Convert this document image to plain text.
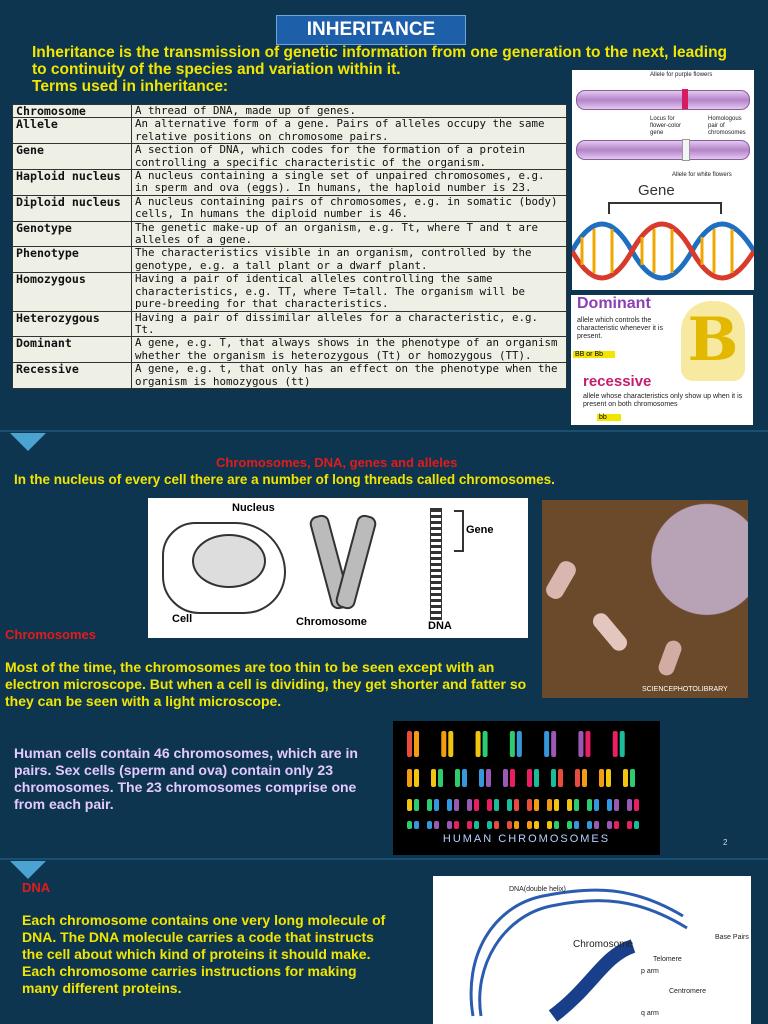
INHERITANCE
Inheritance is the transmission of genetic information from one generation to the next, leading to continuity of the species and variation within it.
Terms used in inheritance:
Chromosome	A thread of DNA, made up of genes.
Allele	An alternative form of a gene. Pairs of alleles occupy the same relative positions on chromosome pairs.
Gene	A section of DNA, which codes for the formation of a protein controlling a specific characteristic of the organism.
Haploid nucleus	A nucleus containing a single set of unpaired chromosomes, e.g. in sperm and ova (eggs). In humans, the haploid number is 23.
Diploid nucleus	A nucleus containing pairs of chromosomes, e.g. in somatic (body) cells, In humans the diploid number is 46.
Genotype	The genetic make-up of an organism, e.g. Tt, where T and t are alleles of a gene.
Phenotype	The characteristics visible in an organism, controlled by the genotype, e.g. a tall plant or a dwarf plant.
Homozygous	Having a pair of identical alleles controlling the same characteristics, e.g. TT, where T=tall. The organism will be pure-breeding for that characteristics.
Heterozygous	Having a pair of dissimilar alleles for a characteristic, e.g. Tt.
Dominant	A gene, e.g. T, that always shows in the phenotype of an organism whether the organism is heterozygous (Tt) or homozygous (TT).
Recessive	A gene, e.g. t, that only has an effect on the phenotype when the organism is homozygous (tt)
Allele for purple flowers
Locus for flower-color gene
Homologous pair of chromosomes
Allele for white flowers
Gene
Dominant
allele which controls the characteristic whenever it is present.
BB or Bb B
recessive
allele whose characteristics only show up when it is present on both chromosomes
bb
Chromosomes, DNA, genes and alleles
In the nucleus of every cell there are a number of long threads called chromosomes.
Nucleus
Cell	Chromosome
Gene
DNA
SCIENCEPHOTOLIBRARY
Chromosomes
Most of the time, the chromosomes are too thin to be seen except with an electron microscope. But when a cell is dividing, they get shorter and fatter so they can be seen with a light microscope.
Human cells contain 46 chromosomes, which are in pairs. Sex cells (sperm and ova) contain only 23 chromosomes. The 23 chromosomes comprise one from each pair.
HUMAN CHROMOSOMES	2
DNA
Each chromosome contains one very long molecule of DNA. The DNA molecule carries a code that instructs the cell about which kind of proteins it should make. Each chromosome carries instructions for making many different proteins.
DNA(double helix)
Base Pairs
Chromosome
Telomere
p arm
Centromere
q arm
